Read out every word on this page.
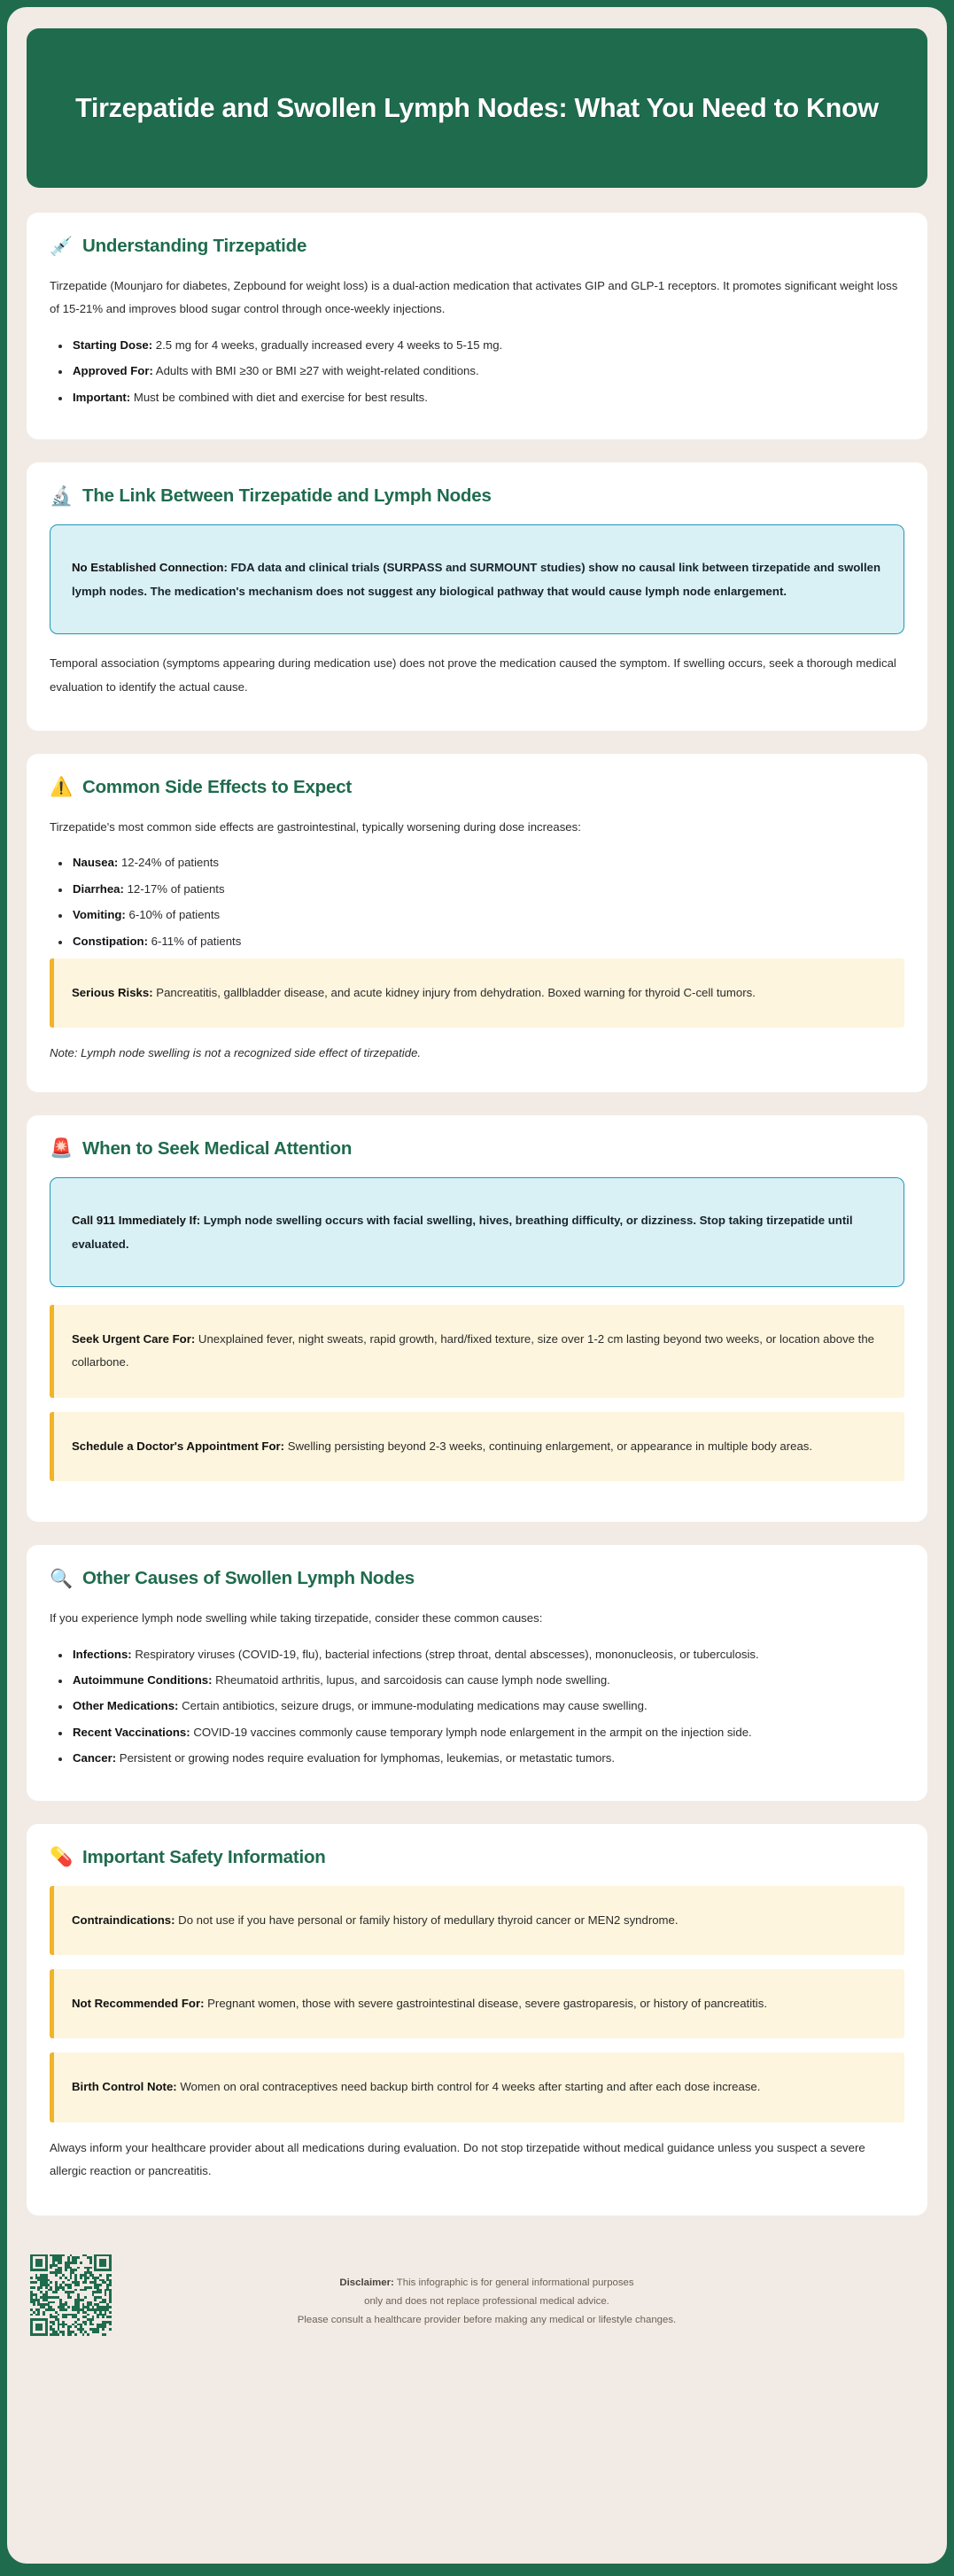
Tirzepatide and Swollen Lymph Nodes: What You Need to Know
💉 Understanding Tirzepatide

Tirzepatide (Mounjaro for diabetes, Zepbound for weight loss) is a dual-action medication that activates GIP and GLP-1 receptors. It promotes significant weight loss of 15-21% and improves blood sugar control through once-weekly injections.

Starting Dose: 2.5 mg for 4 weeks, gradually increased every 4 weeks to 5-15 mg.
Approved For: Adults with BMI ≥30 or BMI ≥27 with weight-related conditions.
Important: Must be combined with diet and exercise for best results.
🔬 The Link Between Tirzepatide and Lymph Nodes

No Established Connection: FDA data and clinical trials (SURPASS and SURMOUNT studies) show no causal link between tirzepatide and swollen lymph nodes. The medication's mechanism does not suggest any biological pathway that would cause lymph node enlargement.

Temporal association (symptoms appearing during medication use) does not prove the medication caused the symptom. If swelling occurs, seek a thorough medical evaluation to identify the actual cause.

⚠️ Common Side Effects to Expect

Tirzepatide's most common side effects are gastrointestinal, typically worsening during dose increases:

Nausea: 12-24% of patients
Diarrhea: 12-17% of patients
Vomiting: 6-10% of patients
Constipation: 6-11% of patients

Serious Risks: Pancreatitis, gallbladder disease, and acute kidney injury from dehydration. Boxed warning for thyroid C-cell tumors.

Note: Lymph node swelling is not a recognized side effect of tirzepatide.

🚨 When to Seek Medical Attention

Call 911 Immediately If: Lymph node swelling occurs with facial swelling, hives, breathing difficulty, or dizziness. Stop taking tirzepatide until evaluated.

Seek Urgent Care For: Unexplained fever, night sweats, rapid growth, hard/fixed texture, size over 1-2 cm lasting beyond two weeks, or location above the collarbone.

Schedule a Doctor's Appointment For: Swelling persisting beyond 2-3 weeks, continuing enlargement, or appearance in multiple body areas.

🔍 Other Causes of Swollen Lymph Nodes

If you experience lymph node swelling while taking tirzepatide, consider these common causes:

Infections: Respiratory viruses (COVID-19, flu), bacterial infections (strep throat, dental abscesses), mononucleosis, or tuberculosis.
Autoimmune Conditions: Rheumatoid arthritis, lupus, and sarcoidosis can cause lymph node swelling.
Other Medications: Certain antibiotics, seizure drugs, or immune-modulating medications may cause swelling.
Recent Vaccinations: COVID-19 vaccines commonly cause temporary lymph node enlargement in the armpit on the injection side.
Cancer: Persistent or growing nodes require evaluation for lymphomas, leukemias, or metastatic tumors.
💊 Important Safety Information

Contraindications: Do not use if you have personal or family history of medullary thyroid cancer or MEN2 syndrome.

Not Recommended For: Pregnant women, those with severe gastrointestinal disease, severe gastroparesis, or history of pancreatitis.

Birth Control Note: Women on oral contraceptives need backup birth control for 4 weeks after starting and after each dose increase.

Always inform your healthcare provider about all medications during evaluation. Do not stop tirzepatide without medical guidance unless you suspect a severe allergic reaction or pancreatitis.

Disclaimer: This infographic is for general informational purposes
only and does not replace professional medical advice.
Please consult a healthcare provider before making any medical or lifestyle changes.
